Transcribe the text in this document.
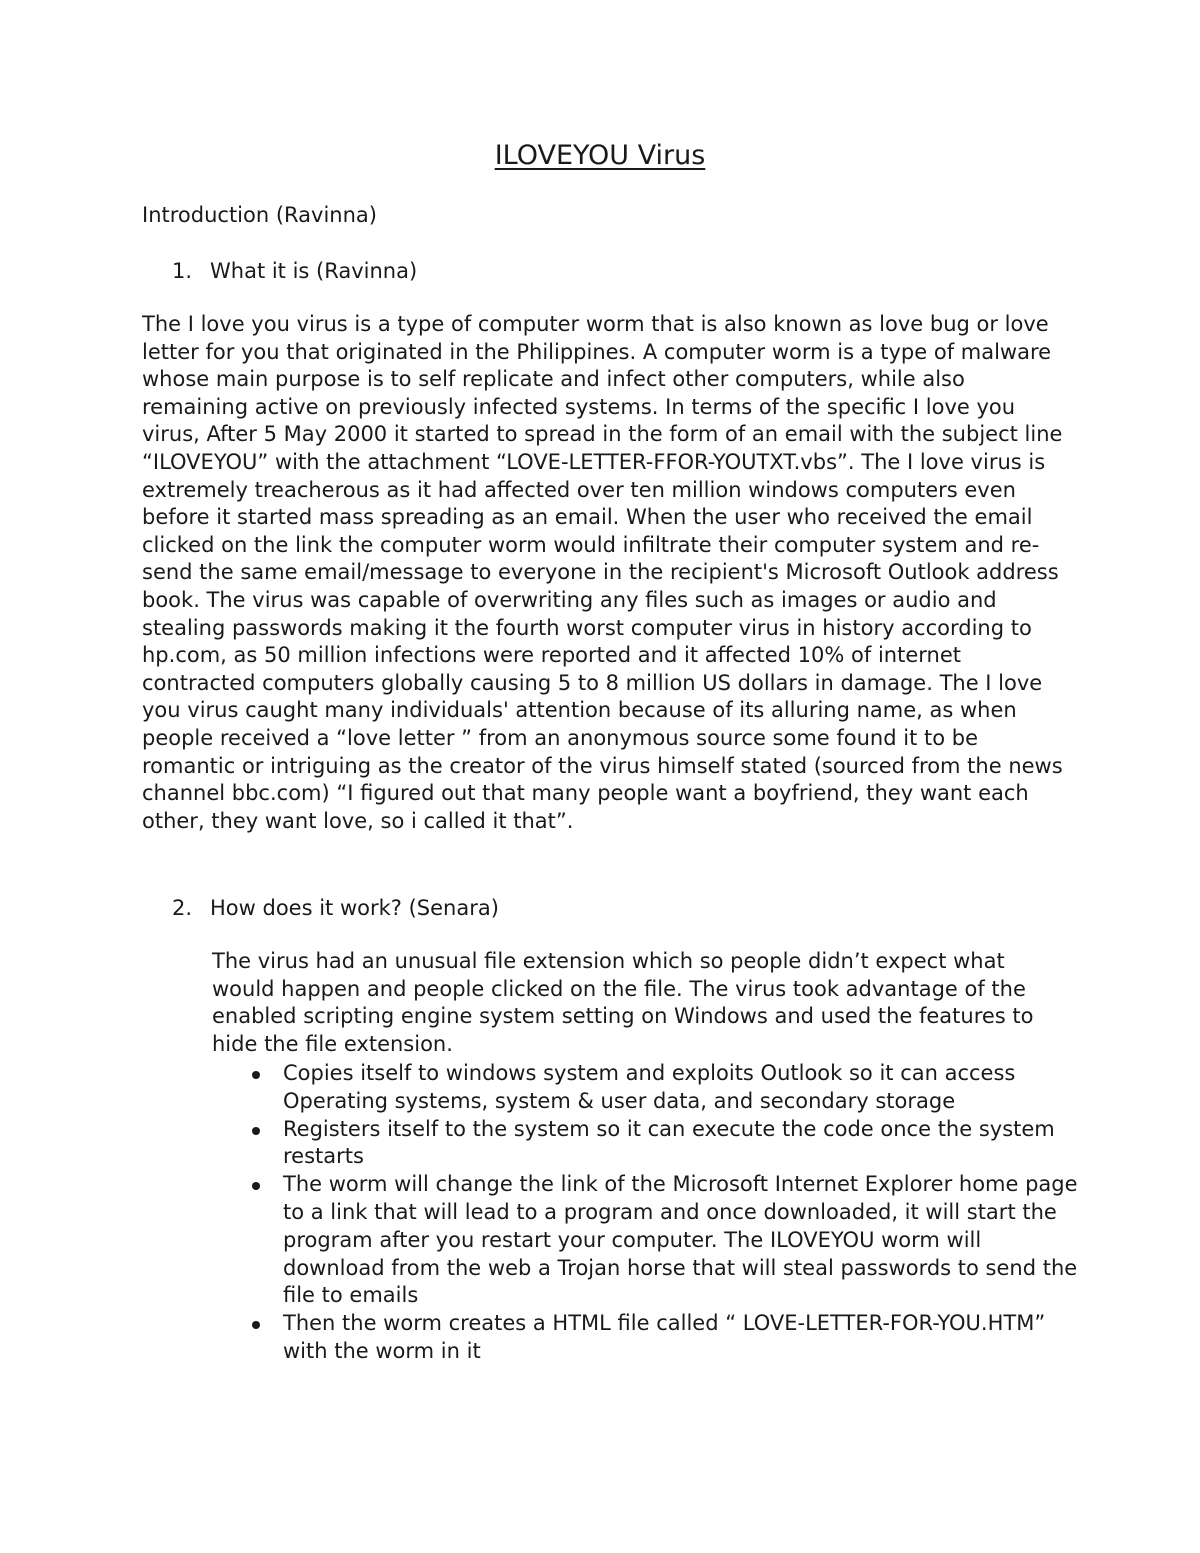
ILOVEYOU Virus

Introduction (Ravinna)

1. What it is (Ravinna)

The I love you virus is a type of computer worm that is also known as love bug or love letter for you that originated in the Philippines. A computer worm is a type of malware whose main purpose is to self replicate and infect other computers, while also remaining active on previously infected systems. In terms of the specific I love you virus, After 5 May 2000 it started to spread in the form of an email with the subject line “ILOVEYOU” with the attachment “LOVE-LETTER-FFOR-YOUTXT.vbs”. The I love virus is extremely treacherous as it had affected over ten million windows computers even before it started mass spreading as an email. When the user who received the email clicked on the link the computer worm would infiltrate their computer system and re-send the same email/message to everyone in the recipient's Microsoft Outlook address book. The virus was capable of overwriting any files such as images or audio and stealing passwords making it the fourth worst computer virus in history according to hp.com, as 50 million infections were reported and it affected 10% of internet contracted computers globally causing 5 to 8 million US dollars in damage. The I love you virus caught many individuals' attention because of its alluring name, as when people received a “love letter ” from an anonymous source some found it to be romantic or intriguing as the creator of the virus himself stated (sourced from the news channel bbc.com) “I figured out that many people want a boyfriend, they want each other, they want love, so i called it that”.

2. How does it work? (Senara)

The virus had an unusual file extension which so people didn’t expect what would happen and people clicked on the file. The virus took advantage of the enabled scripting engine system setting on Windows and used the features to hide the file extension.

Copies itself to windows system and exploits Outlook so it can access Operating systems, system & user data, and secondary storage
Registers itself to the system so it can execute the code once the system restarts
The worm will change the link of the Microsoft Internet Explorer home page to a link that will lead to a program and once downloaded, it will start the program after you restart your computer. The ILOVEYOU worm will download from the web a Trojan horse that will steal passwords to send the file to emails
Then the worm creates a HTML file called “ LOVE-LETTER-FOR-YOU.HTM” with the worm in it
